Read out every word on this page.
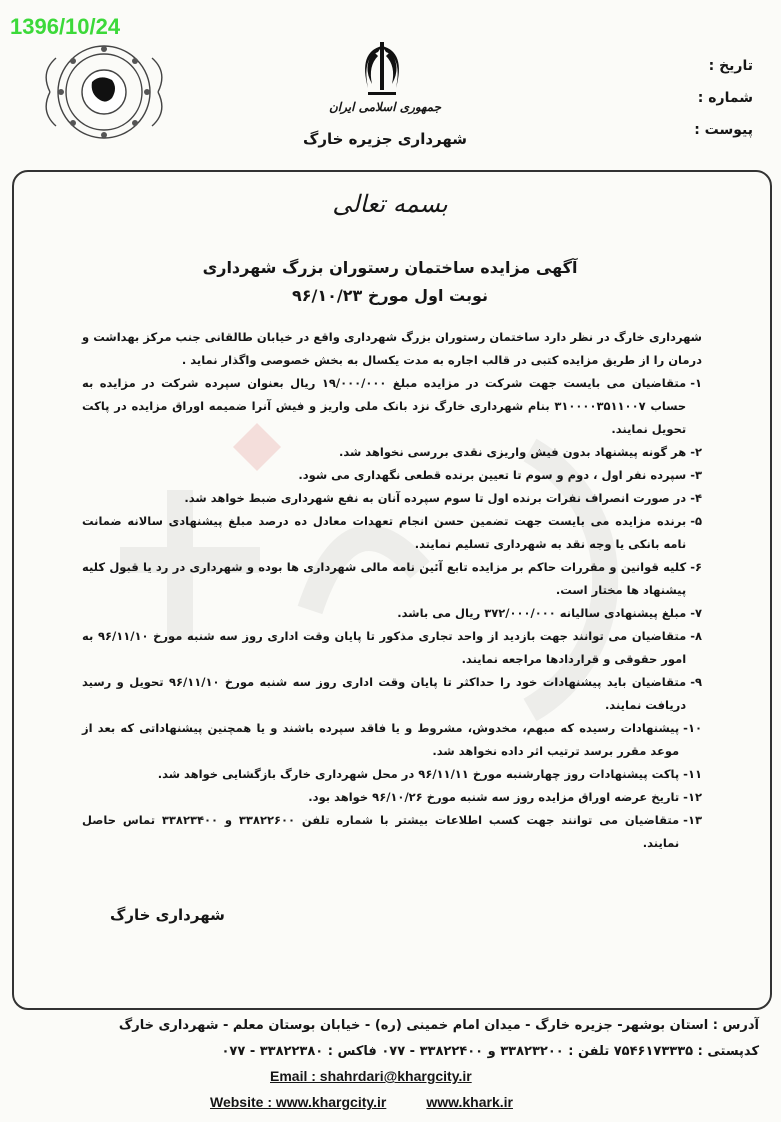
1396/10/24
جمهوری اسلامی ایران
شهرداری جزیره خارگ
تاریخ :
شماره :
پیوست :
بسمه تعالی
آگهی مزایده ساختمان رستوران بزرگ شهرداری
نوبت اول مورخ ۹۶/۱۰/۲۳

شهرداری خارگ در نظر دارد ساختمان رستوران بزرگ شهرداری واقع در خیابان طالقانی جنب مرکز بهداشت و درمان را از طریق مزایده کتبی در قالب اجاره به مدت یکسال به بخش خصوصی واگذار نماید .

۱-
متقاضیان می بایست جهت شرکت در مزایده مبلغ ۱۹/۰۰۰/۰۰۰ ریال بعنوان سپرده شرکت در مزایده به حساب ۳۱۰۰۰۰۳۵۱۱۰۰۷ بنام شهرداری خارگ نزد بانک ملی واریز و فیش آنرا ضمیمه اوراق مزایده در پاکت تحویل نمایند.
۲-
هر گونه پیشنهاد بدون فیش واریزی نقدی بررسی نخواهد شد.
۳-
سپرده نفر اول ، دوم و سوم تا تعیین برنده قطعی نگهداری می شود.
۴-
در صورت انصراف نفرات برنده اول تا سوم سپرده آنان به نفع شهرداری ضبط خواهد شد.
۵-
برنده مزایده می بایست جهت تضمین حسن انجام تعهدات معادل ده درصد مبلغ پیشنهادی سالانه ضمانت نامه بانکی یا وجه نقد به شهرداری تسلیم نمایند.
۶-
کلیه قوانین و مقررات حاکم بر مزایده تابع آئین نامه مالی شهرداری ها بوده و شهرداری در رد یا قبول کلیه پیشنهاد ها مختار است.
۷-
مبلغ پیشنهادی سالیانه ۳۷۲/۰۰۰/۰۰۰ ریال می باشد.
۸-
متقاضیان می توانند جهت بازدید از واحد تجاری مذکور تا پایان وقت اداری روز سه شنبه مورخ ۹۶/۱۱/۱۰ به امور حقوقی و قراردادها مراجعه نمایند.
۹-
متقاضیان باید پیشنهادات خود را حداکثر تا پایان وقت اداری روز سه شنبه مورخ ۹۶/۱۱/۱۰ تحویل و رسید دریافت نمایند.
۱۰-
پیشنهادات رسیده که مبهم، مخدوش، مشروط و یا فاقد سپرده باشند و یا همچنین پیشنهاداتی که بعد از موعد مقرر برسد ترتیب اثر داده نخواهد شد.
۱۱-
پاکت پیشنهادات روز چهارشنبه مورخ ۹۶/۱۱/۱۱ در محل شهرداری خارگ بازگشایی خواهد شد.
۱۲-
تاریخ عرضه اوراق مزایده روز سه شنبه مورخ ۹۶/۱۰/۲۶ خواهد بود.
۱۳-
متقاضیان می توانند جهت کسب اطلاعات بیشتر با شماره تلفن ۳۳۸۲۲۶۰۰ و ۳۳۸۲۳۴۰۰ تماس حاصل نمایند.
شهرداری خارگ
آدرس : استان بوشهر- جزیره خارگ - میدان امام خمینی (ره) - خیابان بوستان معلم - شهرداری خارگ
کدپستی : ۷۵۴۶۱۷۳۳۳۵ تلفن : ۳۳۸۲۳۲۰۰ و ۳۳۸۲۲۴۰۰ - ۰۷۷ فاکس : ۳۳۸۲۲۳۸۰ - ۰۷۷
Email : shahrdari@khargcity.ir
Website : www.khargcity.ir	www.khark.ir
